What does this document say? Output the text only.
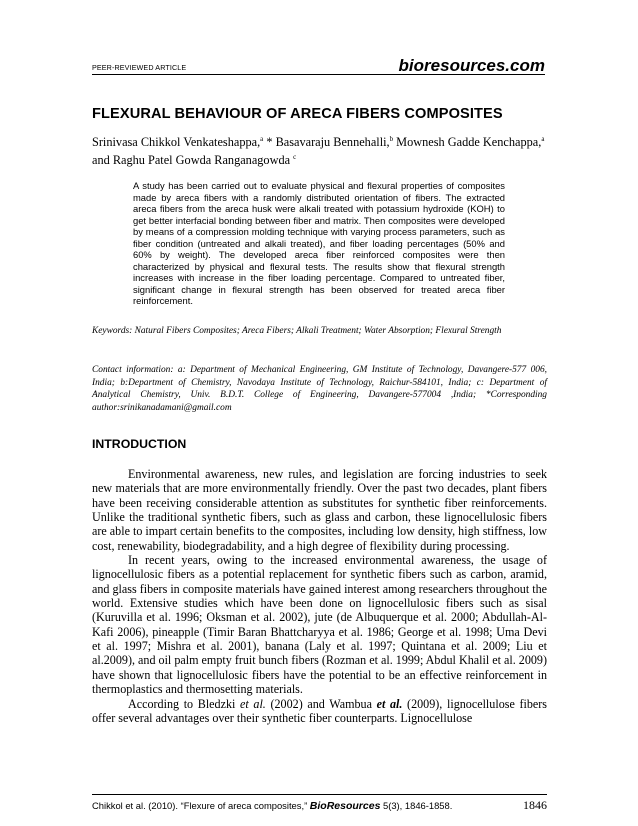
PEER-REVIEWED ARTICLE	bioresources.com
FLEXURAL BEHAVIOUR OF ARECA FIBERS COMPOSITES
Srinivasa Chikkol Venkateshappa,$^a$ * Basavaraju Bennehalli,$^b$ Mownesh Gadde Kenchappa,$^a$ and Raghu Patel Gowda Ranganagowda $^c$
A study has been carried out to evaluate physical and flexural properties of composites made by areca fibers with a randomly distributed orientation of fibers. The extracted areca fibers from the areca husk were alkali treated with potassium hydroxide (KOH) to get better interfacial bonding between fiber and matrix. Then composites were developed by means of a compression molding technique with varying process parameters, such as fiber condition (untreated and alkali treated), and fiber loading percentages (50% and 60% by weight). The developed areca fiber reinforced composites were then characterized by physical and flexural tests. The results show that flexural strength increases with increase in the fiber loading percentage. Compared to untreated fiber, significant change in flexural strength has been observed for treated areca fiber reinforcement.
Keywords: Natural Fibers Composites; Areca Fibers; Alkali Treatment; Water Absorption; Flexural Strength
Contact information: a: Department of Mechanical Engineering, GM Institute of Technology, Davangere-577 006, India; b:Department of Chemistry, Navodaya Institute of Technology, Raichur-584101, India; c: Department of Analytical Chemistry, Univ. B.D.T. College of Engineering, Davangere-577004 ,India; *Corresponding author:srinikanadamani@gmail.com
INTRODUCTION

Environmental awareness, new rules, and legislation are forcing industries to seek new materials that are more environmentally friendly. Over the past two decades, plant fibers have been receiving considerable attention as substitutes for synthetic fiber reinforcements. Unlike the traditional synthetic fibers, such as glass and carbon, these lignocellulosic fibers are able to impart certain benefits to the composites, including low density, high stiffness, low cost, renewability, biodegradability, and a high degree of flexibility during processing.

In recent years, owing to the increased environmental awareness, the usage of lignocellulosic fibers as a potential replacement for synthetic fibers such as carbon, aramid, and glass fibers in composite materials have gained interest among researchers throughout the world. Extensive studies which have been done on lignocellulosic fibers such as sisal (Kuruvilla et al. 1996; Oksman et al. 2002), jute (de Albuquerque et al. 2000; Abdullah-Al-Kafi 2006), pineapple (Timir Baran Bhattcharyya et al. 1986; George et al. 1998; Uma Devi et al. 1997; Mishra et al. 2001), banana (Laly et al. 1997; Quintana et al. 2009; Liu et al.2009), and oil palm empty fruit bunch fibers (Rozman et al. 1999; Abdul Khalil et al. 2009) have shown that lignocellulosic fibers have the potential to be an effective reinforcement in thermoplastics and thermosetting materials.

According to Bledzki et al. (2002) and Wambua et al. (2009), lignocellulose fibers offer several advantages over their synthetic fiber counterparts. Lignocellulose

Chikkol et al. (2010). “Flexure of areca composites,” BioResources 5(3), 1846-1858.	1846
